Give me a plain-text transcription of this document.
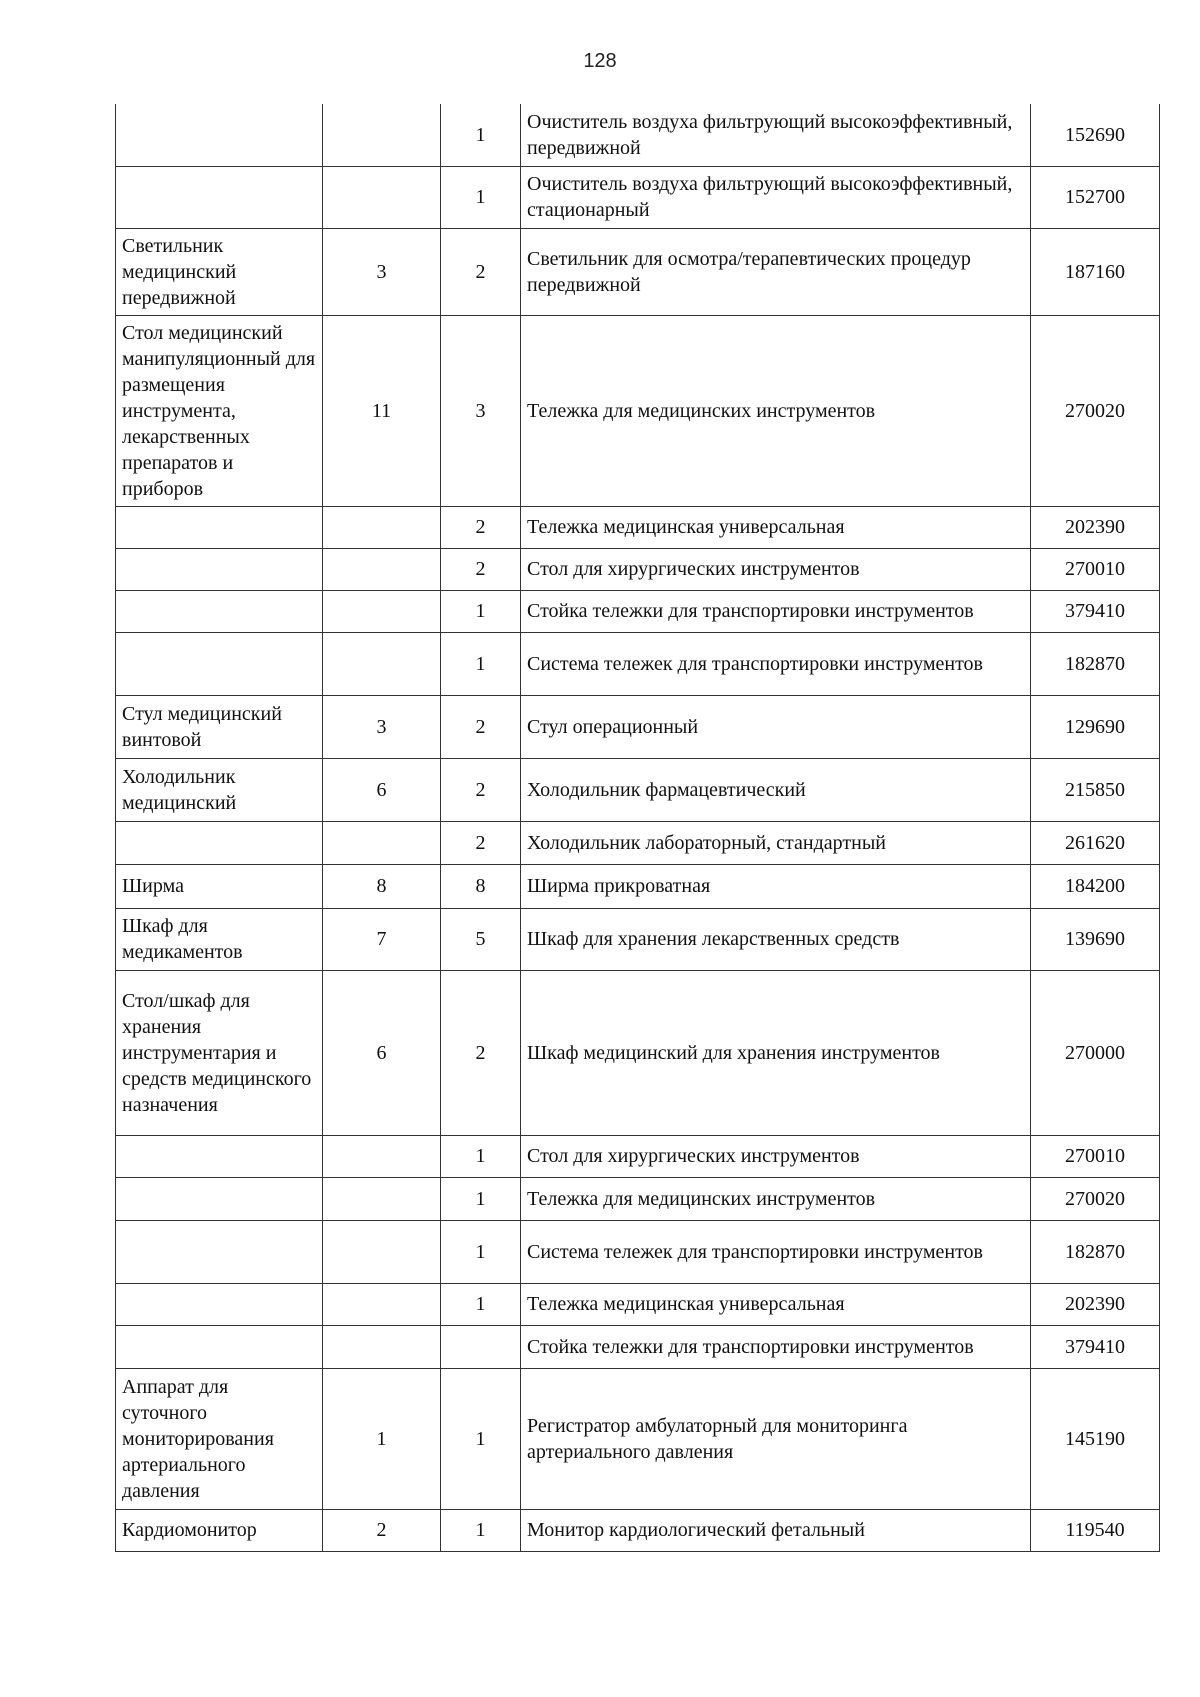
128
		1	Очиститель воздуха фильтрующий высокоэффективный, передвижной	152690
		1	Очиститель воздуха фильтрующий высокоэффективный, стационарный	152700
Светильник медицинский передвижной	3	2	Светильник для осмотра/терапевтических процедур передвижной	187160
Стол медицинский манипуляционный для размещения инструмента, лекарственных препаратов и приборов	11	3	Тележка для медицинских инструментов	270020
		2	Тележка медицинская универсальная	202390
		2	Стол для хирургических инструментов	270010
		1	Стойка тележки для транспортировки инструментов	379410
		1	Система тележек для транспортировки инструментов	182870
Стул медицинский винтовой	3	2	Стул операционный	129690
Холодильник медицинский	6	2	Холодильник фармацевтический	215850
		2	Холодильник лабораторный, стандартный	261620
Ширма	8	8	Ширма прикроватная	184200
Шкаф для медикаментов	7	5	Шкаф для хранения лекарственных средств	139690
Стол/шкаф для хранения инструментария и средств медицинского назначения	6	2	Шкаф медицинский для хранения инструментов	270000
		1	Стол для хирургических инструментов	270010
		1	Тележка для медицинских инструментов	270020
		1	Система тележек для транспортировки инструментов	182870
		1	Тележка медицинская универсальная	202390
			Стойка тележки для транспортировки инструментов	379410
Аппарат для суточного мониторирования артериального давления	1	1	Регистратор амбулаторный для мониторинга артериального давления	145190
Кардиомонитор	2	1	Монитор кардиологический фетальный	119540
